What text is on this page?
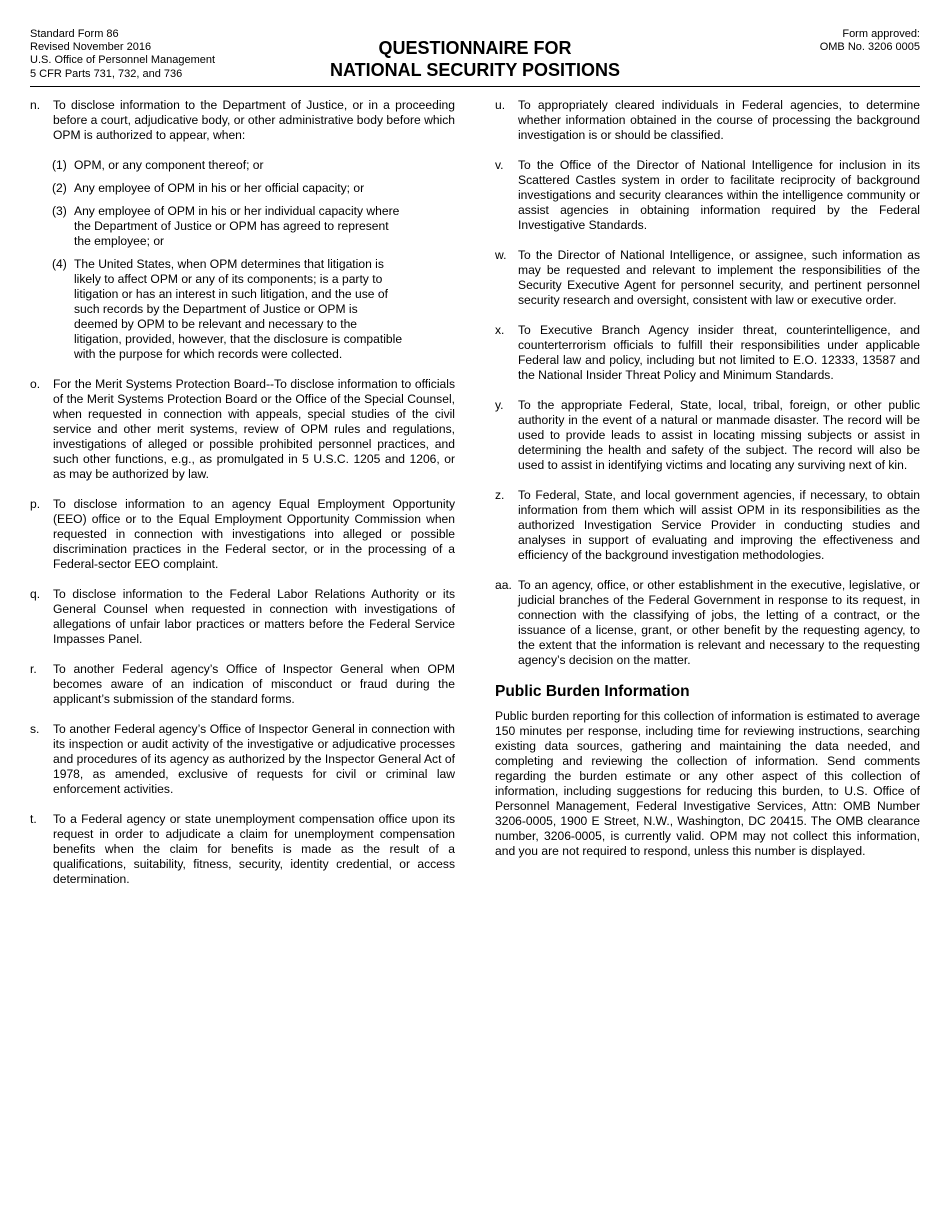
Standard Form 86
Revised November 2016
U.S. Office of Personnel Management
5 CFR Parts 731, 732, and 736
QUESTIONNAIRE FOR
NATIONAL SECURITY POSITIONS
Form approved:
OMB No. 3206 0005
n. To disclose information to the Department of Justice, or in a proceeding before a court, adjudicative body, or other administrative body before which OPM is authorized to appear, when:
(1) OPM, or any component thereof; or
(2) Any employee of OPM in his or her official capacity; or
(3) Any employee of OPM in his or her individual capacity where the Department of Justice or OPM has agreed to represent the employee; or
(4) The United States, when OPM determines that litigation is likely to affect OPM or any of its components; is a party to litigation or has an interest in such litigation, and the use of such records by the Department of Justice or OPM is deemed by OPM to be relevant and necessary to the litigation, provided, however, that the disclosure is compatible with the purpose for which records were collected.
o. For the Merit Systems Protection Board--To disclose information to officials of the Merit Systems Protection Board or the Office of the Special Counsel, when requested in connection with appeals, special studies of the civil service and other merit systems, review of OPM rules and regulations, investigations of alleged or possible prohibited personnel practices, and such other functions, e.g., as promulgated in 5 U.S.C. 1205 and 1206, or as may be authorized by law.
p. To disclose information to an agency Equal Employment Opportunity (EEO) office or to the Equal Employment Opportunity Commission when requested in connection with investigations into alleged or possible discrimination practices in the Federal sector, or in the processing of a Federal-sector EEO complaint.
q. To disclose information to the Federal Labor Relations Authority or its General Counsel when requested in connection with investigations of allegations of unfair labor practices or matters before the Federal Service Impasses Panel.
r. To another Federal agency’s Office of Inspector General when OPM becomes aware of an indication of misconduct or fraud during the applicant’s submission of the standard forms.
s. To another Federal agency’s Office of Inspector General in connection with its inspection or audit activity of the investigative or adjudicative processes and procedures of its agency as authorized by the Inspector General Act of 1978, as amended, exclusive of requests for civil or criminal law enforcement activities.
t. To a Federal agency or state unemployment compensation office upon its request in order to adjudicate a claim for unemployment compensation benefits when the claim for benefits is made as the result of a qualifications, suitability, fitness, security, identity credential, or access determination.
u. To appropriately cleared individuals in Federal agencies, to determine whether information obtained in the course of processing the background investigation is or should be classified.
v. To the Office of the Director of National Intelligence for inclusion in its Scattered Castles system in order to facilitate reciprocity of background investigations and security clearances within the intelligence community or assist agencies in obtaining information required by the Federal Investigative Standards.
w. To the Director of National Intelligence, or assignee, such information as may be requested and relevant to implement the responsibilities of the Security Executive Agent for personnel security, and pertinent personnel security research and oversight, consistent with law or executive order.
x. To Executive Branch Agency insider threat, counterintelligence, and counterterrorism officials to fulfill their responsibilities under applicable Federal law and policy, including but not limited to E.O. 12333, 13587 and the National Insider Threat Policy and Minimum Standards.
y. To the appropriate Federal, State, local, tribal, foreign, or other public authority in the event of a natural or manmade disaster. The record will be used to provide leads to assist in locating missing subjects or assist in determining the health and safety of the subject. The record will also be used to assist in identifying victims and locating any surviving next of kin.
z. To Federal, State, and local government agencies, if necessary, to obtain information from them which will assist OPM in its responsibilities as the authorized Investigation Service Provider in conducting studies and analyses in support of evaluating and improving the effectiveness and efficiency of the background investigation methodologies.
aa. To an agency, office, or other establishment in the executive, legislative, or judicial branches of the Federal Government in response to its request, in connection with the classifying of jobs, the letting of a contract, or the issuance of a license, grant, or other benefit by the requesting agency, to the extent that the information is relevant and necessary to the requesting agency’s decision on the matter.
Public Burden Information
Public burden reporting for this collection of information is estimated to average 150 minutes per response, including time for reviewing instructions, searching existing data sources, gathering and maintaining the data needed, and completing and reviewing the collection of information. Send comments regarding the burden estimate or any other aspect of this collection of information, including suggestions for reducing this burden, to U.S. Office of Personnel Management, Federal Investigative Services, Attn: OMB Number 3206-0005, 1900 E Street, N.W., Washington, DC 20415. The OMB clearance number, 3206-0005, is currently valid. OPM may not collect this information, and you are not required to respond, unless this number is displayed.
